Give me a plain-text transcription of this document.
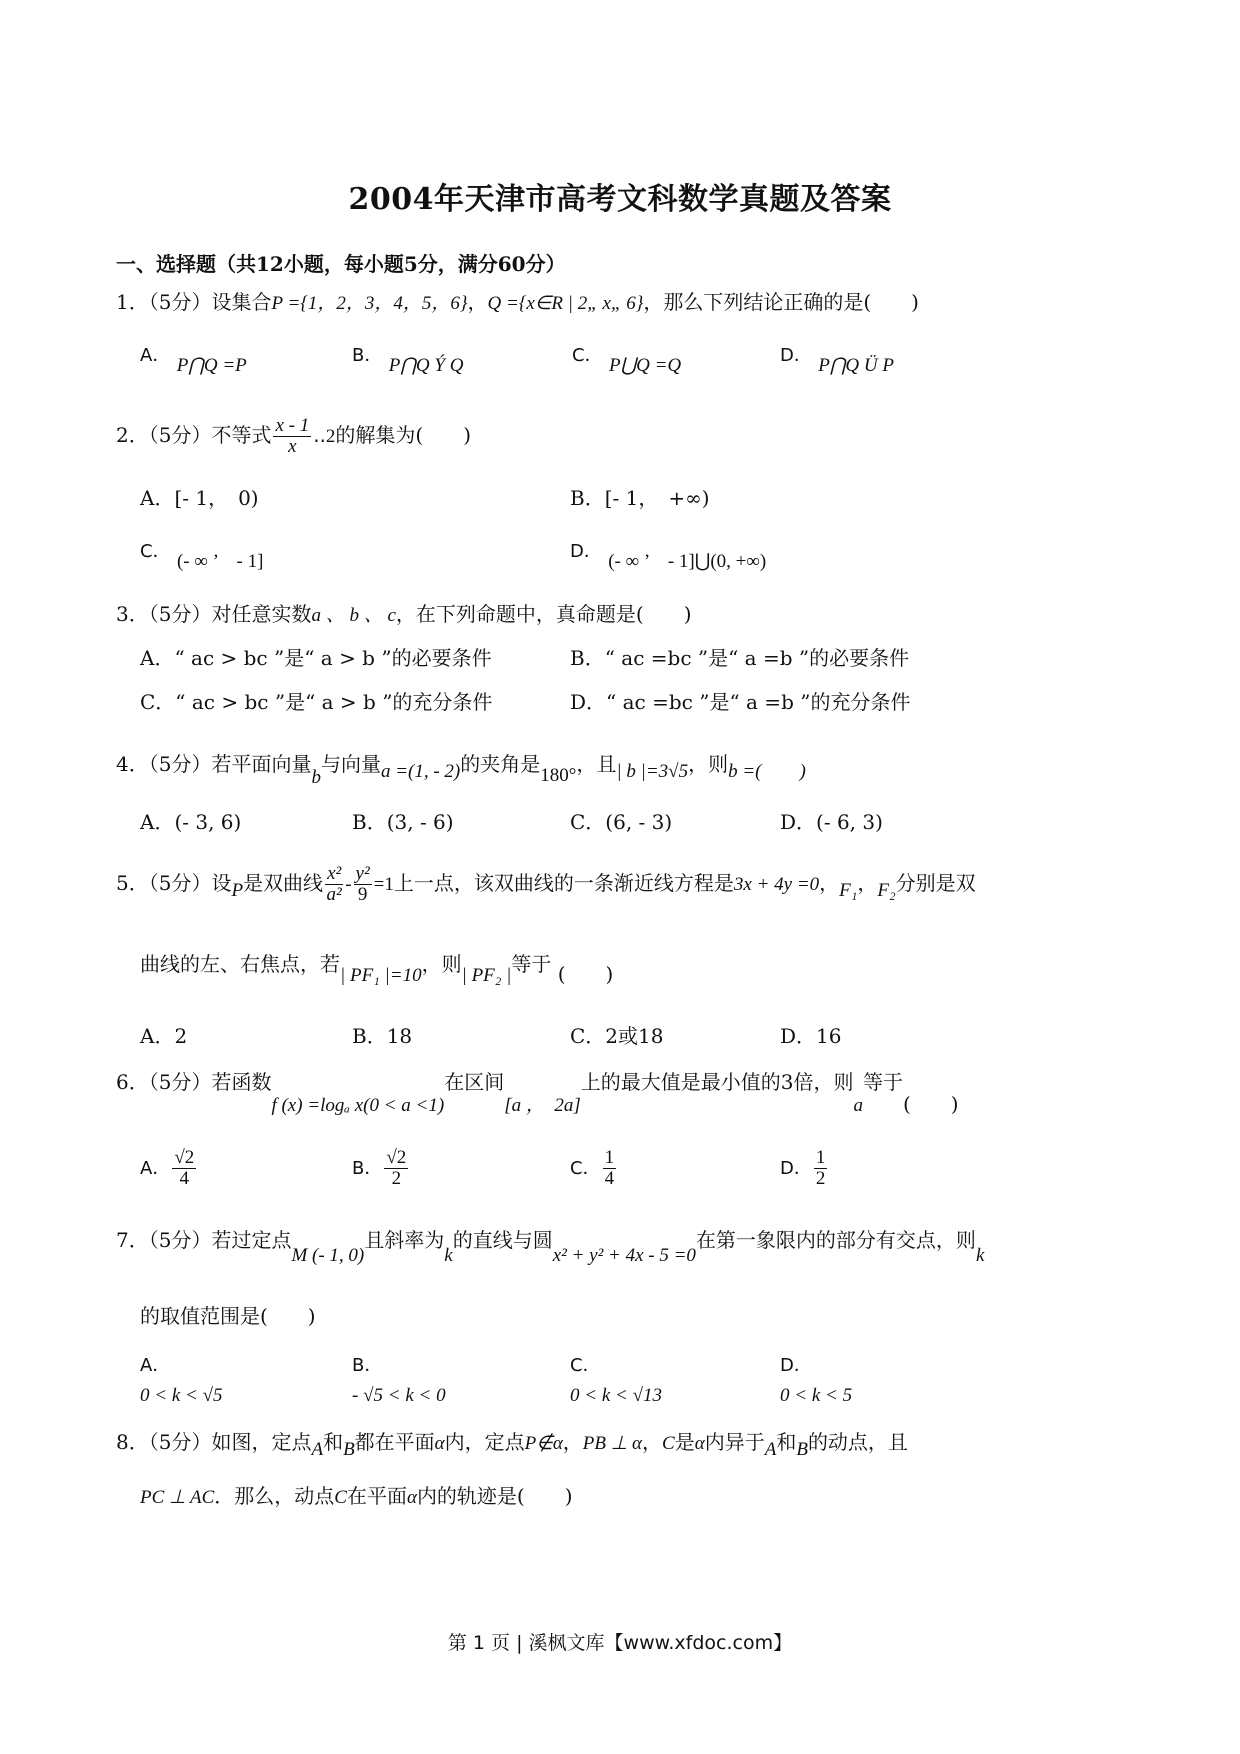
2004年天津市高考文科数学真题及答案
一、选择题（共12小题，每小题5分，满分60分）
1．（5分）设集合P ={1，2，3，4，5，6}，Q ={x∈R | 2„ x„ 6}，那么下列结论正确的是(　　)
A． P⋂Q =P	B． P⋂Q Ý Q	C． P⋃Q =Q	D． P⋂Q Ü P
2．（5分）不等式 $\frac{x - 1}{x}$ ‥2的解集为(　　)
A．[- 1，　0)	B．[- 1，　+∞)
C． (- ∞ ’　- 1]	D． (- ∞ ’　- 1]⋃(0, +∞)
3．（5分）对任意实数a 、 b 、 c，在下列命题中，真命题是(　　)
A．“ ac > bc ”是“ a > b ”的必要条件	B．“ ac =bc ”是“ a =b ”的必要条件
C．“ ac > bc ”是“ a > b ”的充分条件	D．“ ac =bc ”是“ a =b ”的充分条件
4．（5分）若平面向量b与向量a =(1, - 2)的夹角是180°，且| b |=3√5，则b =(　　)
A．(- 3, 6)	B．(3, - 6)	C．(6, - 3)	D．(- 6, 3)
5．（5分）设P是双曲线 $\frac{\text{x²}}{\text{a²}} - \frac{\text{y²}}{9} =1$上一点，该双曲线的一条渐近线方程是3x + 4y =0，F₁，F₂分别是双
曲线的左、右焦点，若| PF₁ |=10，则| PF₂ |等于 (　　)
A．2	B．18	C．2或18	D．16
6．（5分）若函数f (x) =logₐ x(0 < a <1)在区间[a ，　2a]上的最大值是最小值的3倍，则a等于(　　)
A． $\frac{√2}{4}$	B． $\frac{√2}{2}$	C． $\frac{1}{4}$	D． $\frac{1}{2}$
7．（5分）若过定点M (- 1, 0)且斜率为k的直线与圆x² + y² + 4x - 5 =0在第一象限内的部分有交点，则k
的取值范围是(　　)
A．
0 < k < √5
B．
- √5 < k < 0
C．
0 < k < √13
D．
0 < k < 5
8．（5分）如图，定点A和B都在平面α内，定点P∉α，PB ⊥ α，C是α内异于A和B的动点，且
PC ⊥ AC．那么，动点C在平面α内的轨迹是(　　)
第 1 页 | 溪枫文库【www.xfdoc.com】
